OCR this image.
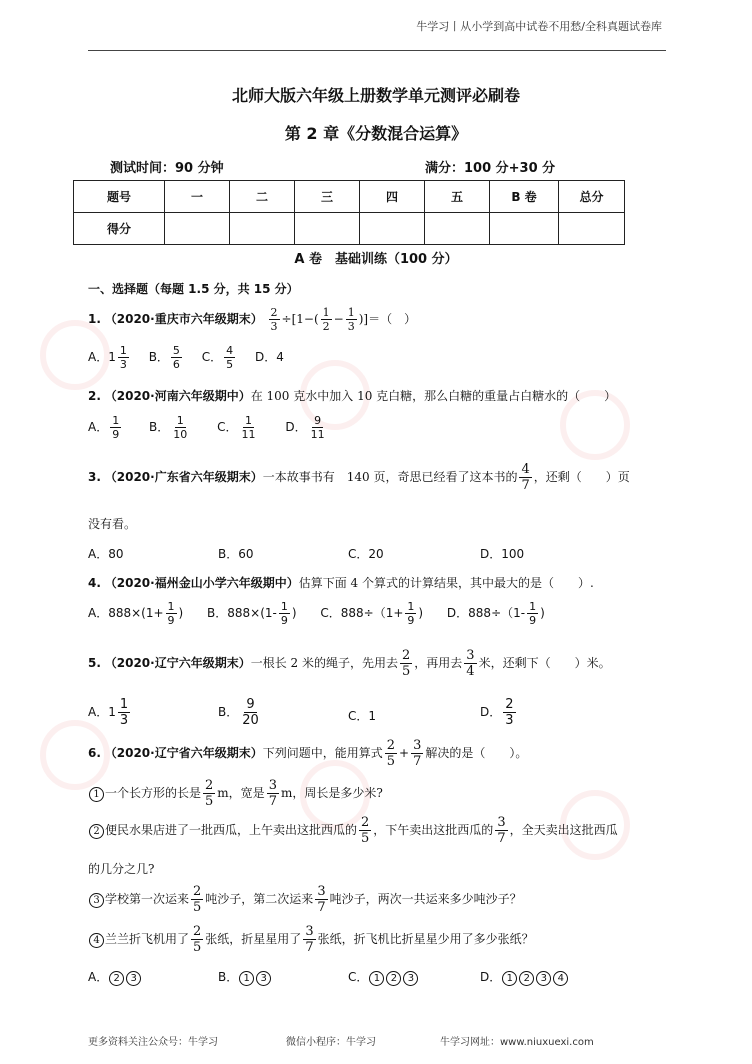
牛学习丨从小学到高中试卷不用愁/全科真题试卷库
北师大版六年级上册数学单元测评必刷卷
第 2 章《分数混合运算》
测试时间：90 分钟	满分：100 分+30 分
题号	一	二	三	四	五	B 卷	总分
得分							
A 卷　基础训练（100 分）
一、选择题（每题 1.5 分，共 15 分）
1. （2020·重庆市六年级期末） $\frac{2}{3} \div[1-( \frac{1}{2} - \frac{1}{3}$ )]＝（　）
A．$1 \frac{1}{3}$ B． $\frac{5}{6}$ C． $\frac{4}{5}$ D．4
2. （2020·河南六年级期中）在 100 克水中加入 10 克白糖，那么白糖的重量占白糖水的（　　）
A． $\frac{1}{9}$ B． $\frac{1}{10}$ C． $\frac{1}{11}$ D． $\frac{9}{11}$
3. （2020·广东省六年级期末）一本故事书有　140 页，奇思已经看了这本书的 $\frac{4}{7}$ ，还剩（　　）页
没有看。
A．80	B．60	C．20	D．100
4. （2020·福州金山小学六年级期中）估算下面 4 个算式的计算结果，其中最大的是（　　）.
A．$888\times(1+ \frac{1}{9}$ ) B．$888\times(1- \frac{1}{9}$ ) C．$888\div(1+ \frac{1}{9}$ ) D．$888\div(1- \frac{1}{9}$ )
5. （2020·辽宁六年级期末）一根长 2 米的绳子，先用去 $\frac{2}{5}$ ，再用去 $\frac{3}{4}$ 米，还剩下（　　）米。
A．$1 \frac{1}{3}$	B． $\frac{9}{20}$	C．1	D． $\frac{2}{3}$
6. （2020·辽宁省六年级期末）下列问题中，能用算式 $\frac{2}{5} + \frac{3}{7}$ 解决的是（　　）。
1 一个长方形的长是 $\frac{2}{5}$ m，宽是 $\frac{3}{7}$ m，周长是多少米?
2 便民水果店进了一批西瓜，上午卖出这批西瓜的 $\frac{2}{5}$ ，下午卖出这批西瓜的 $\frac{3}{7}$ ，全天卖出这批西瓜
的几分之几?
3 学校第一次运来 $\frac{2}{5}$ 吨沙子，第二次运来 $\frac{3}{7}$ 吨沙子，两次一共运来多少吨沙子？
4 兰兰折飞机用了 $\frac{2}{5}$ 张纸，折星星用了 $\frac{3}{7}$ 张纸，折飞机比折星星少用了多少张纸？
A． 2 3	B． 1 3	C． 1 2 3	D． 1 2 3 4
更多资料关注公众号：牛学习	微信小程序：牛学习	牛学习网址：www.niuxuexi.com
